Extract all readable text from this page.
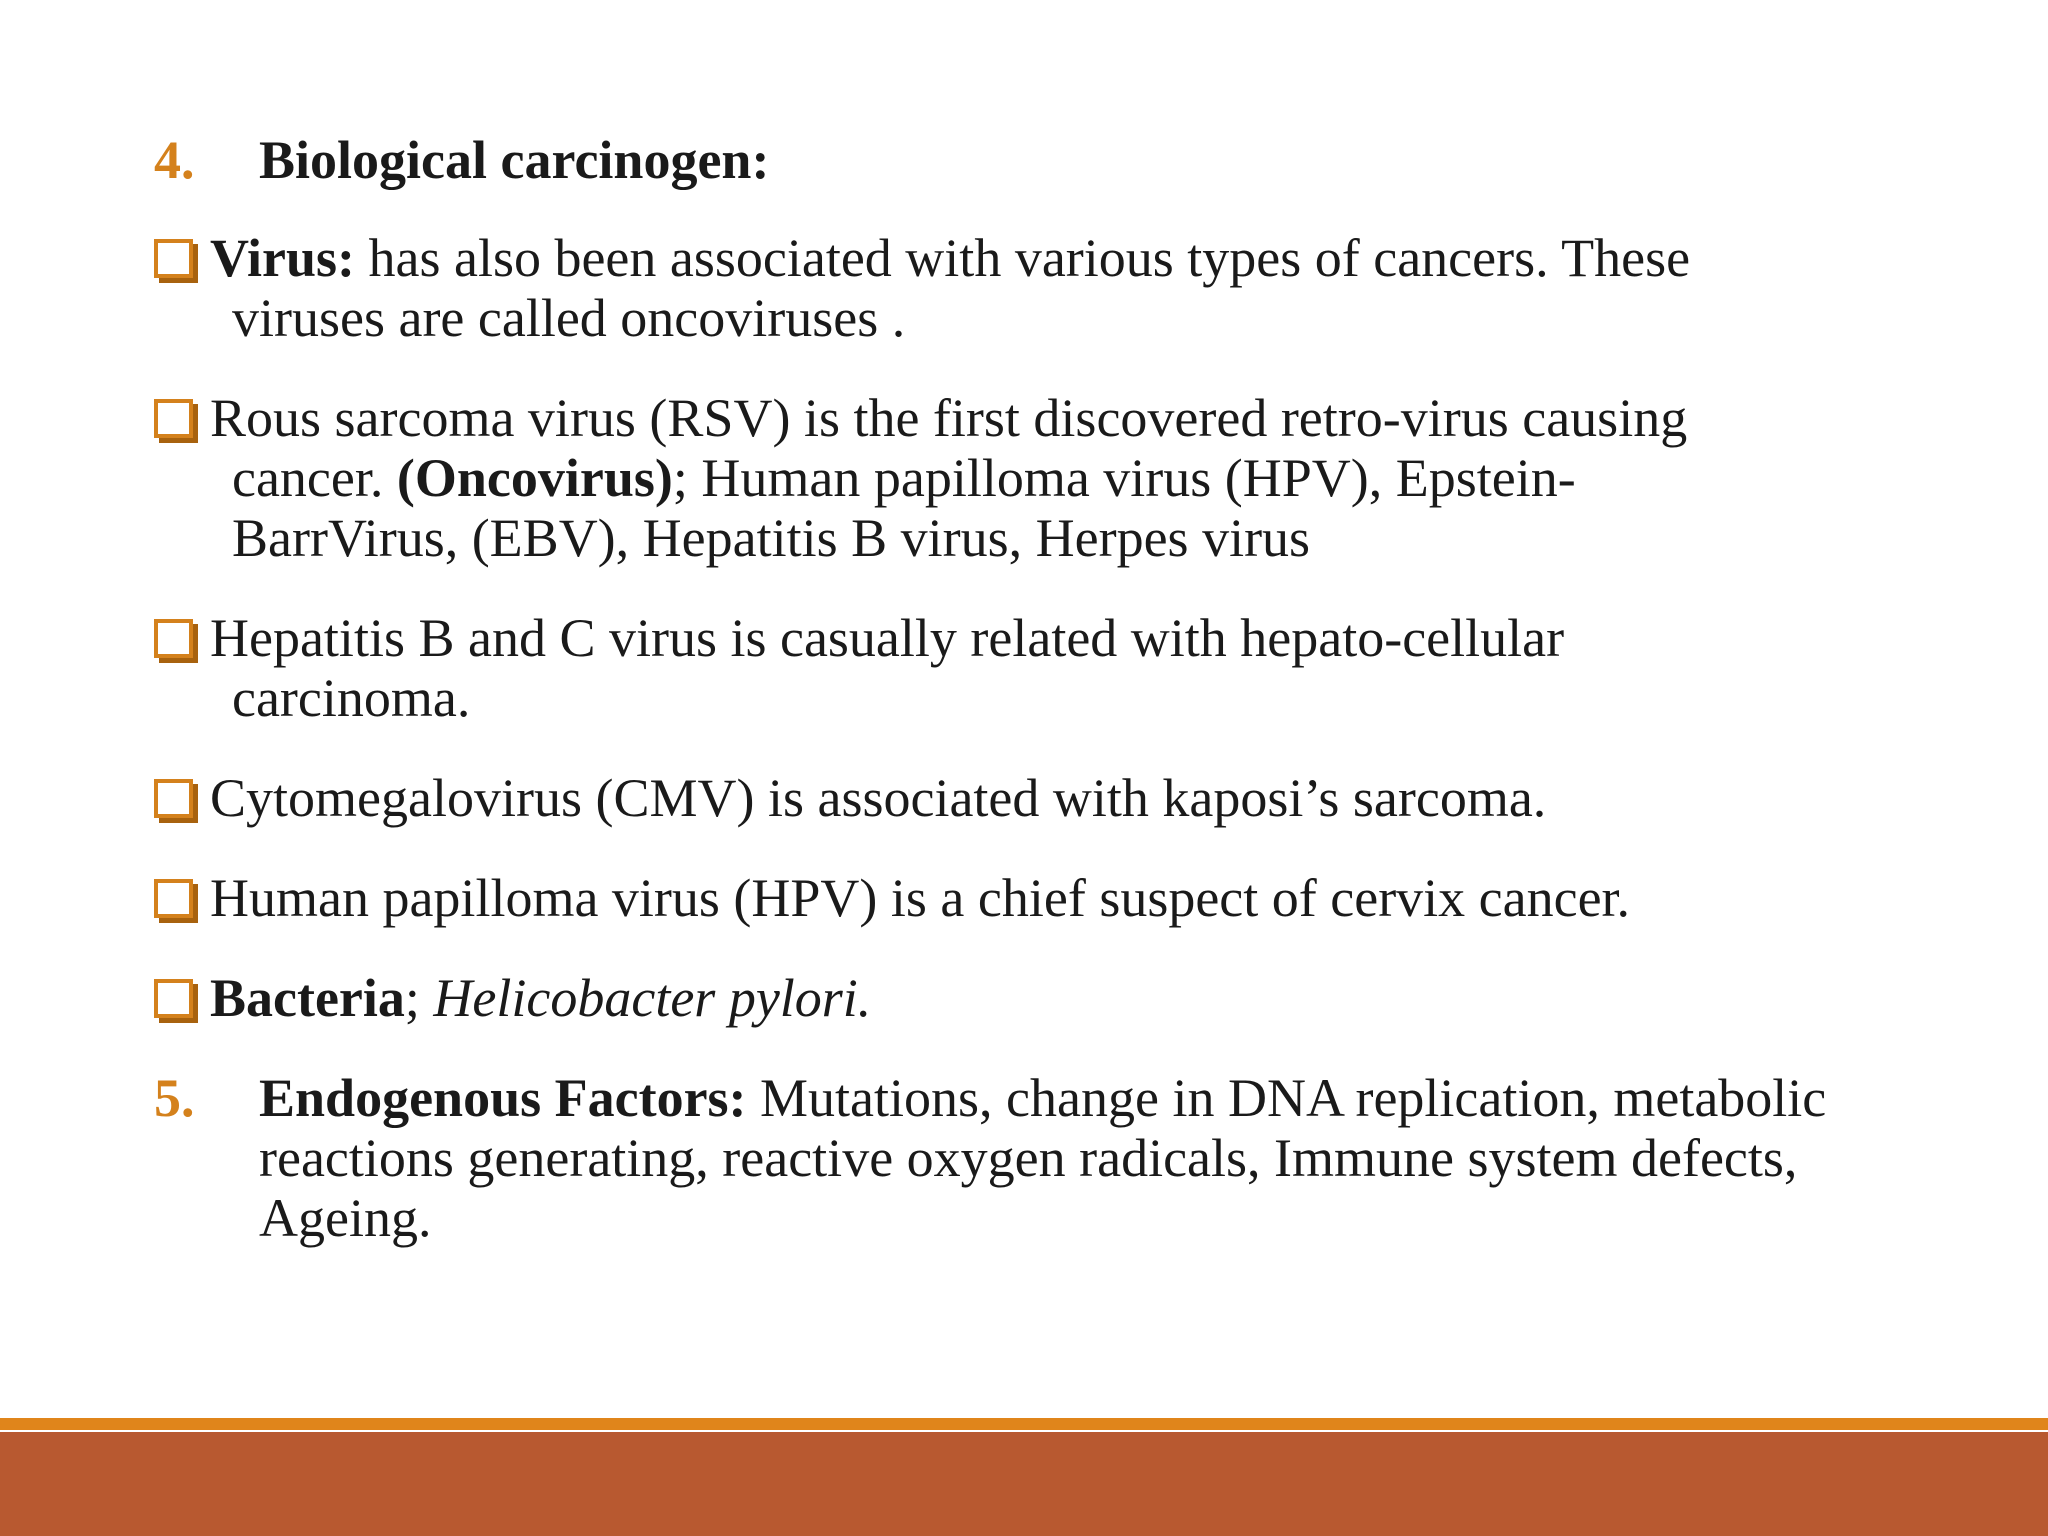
4.	Biological carcinogen:
Virus: has also been associated with various types of cancers. These
viruses are called oncoviruses .
Rous sarcoma virus (RSV) is the first discovered retro-virus causing
cancer. (Oncovirus); Human papilloma virus (HPV), Epstein-
BarrVirus, (EBV), Hepatitis B virus, Herpes virus
Hepatitis B and C virus is casually related with hepato-cellular
carcinoma.
Cytomegalovirus (CMV) is associated with kaposi’s sarcoma.
Human papilloma virus (HPV) is a chief suspect of cervix cancer.
Bacteria; Helicobacter pylori.
5.	Endogenous Factors: Mutations, change in DNA replication, metabolic reactions generating, reactive oxygen radicals, Immune system defects, Ageing.
